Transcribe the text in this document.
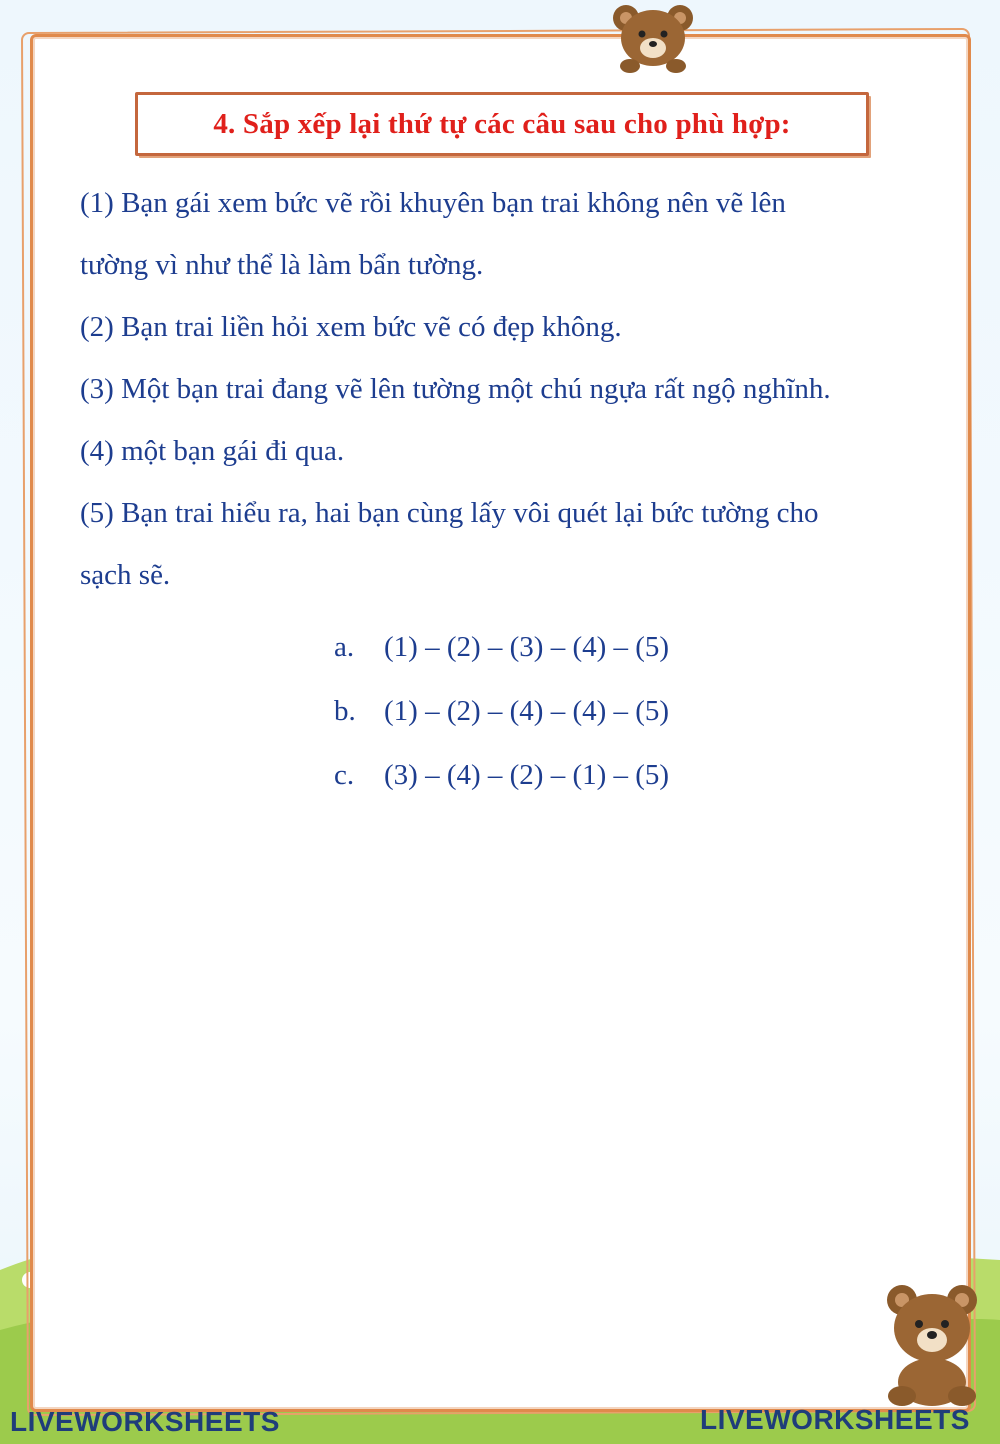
4. Sắp xếp lại thứ tự các câu sau cho phù hợp:

(1) Bạn gái xem bức vẽ rồi khuyên bạn trai không nên vẽ lên

tường vì như thể là làm bẩn tường.

(2) Bạn trai liền hỏi xem bức vẽ có đẹp không.

(3) Một bạn trai đang vẽ lên tường một chú ngựa rất ngộ nghĩnh.

(4) một bạn gái đi qua.

(5) Bạn trai hiểu ra, hai bạn cùng lấy vôi quét lại bức tường cho

sạch sẽ.

a.	(1) – (2) – (3) – (4) – (5)
b. (1) – (2) – (4) – (4) – (5)
c.	(3) – (4) – (2) – (1) – (5)
LIVEWORKSHEETS	LIVEWORKSHEETS
